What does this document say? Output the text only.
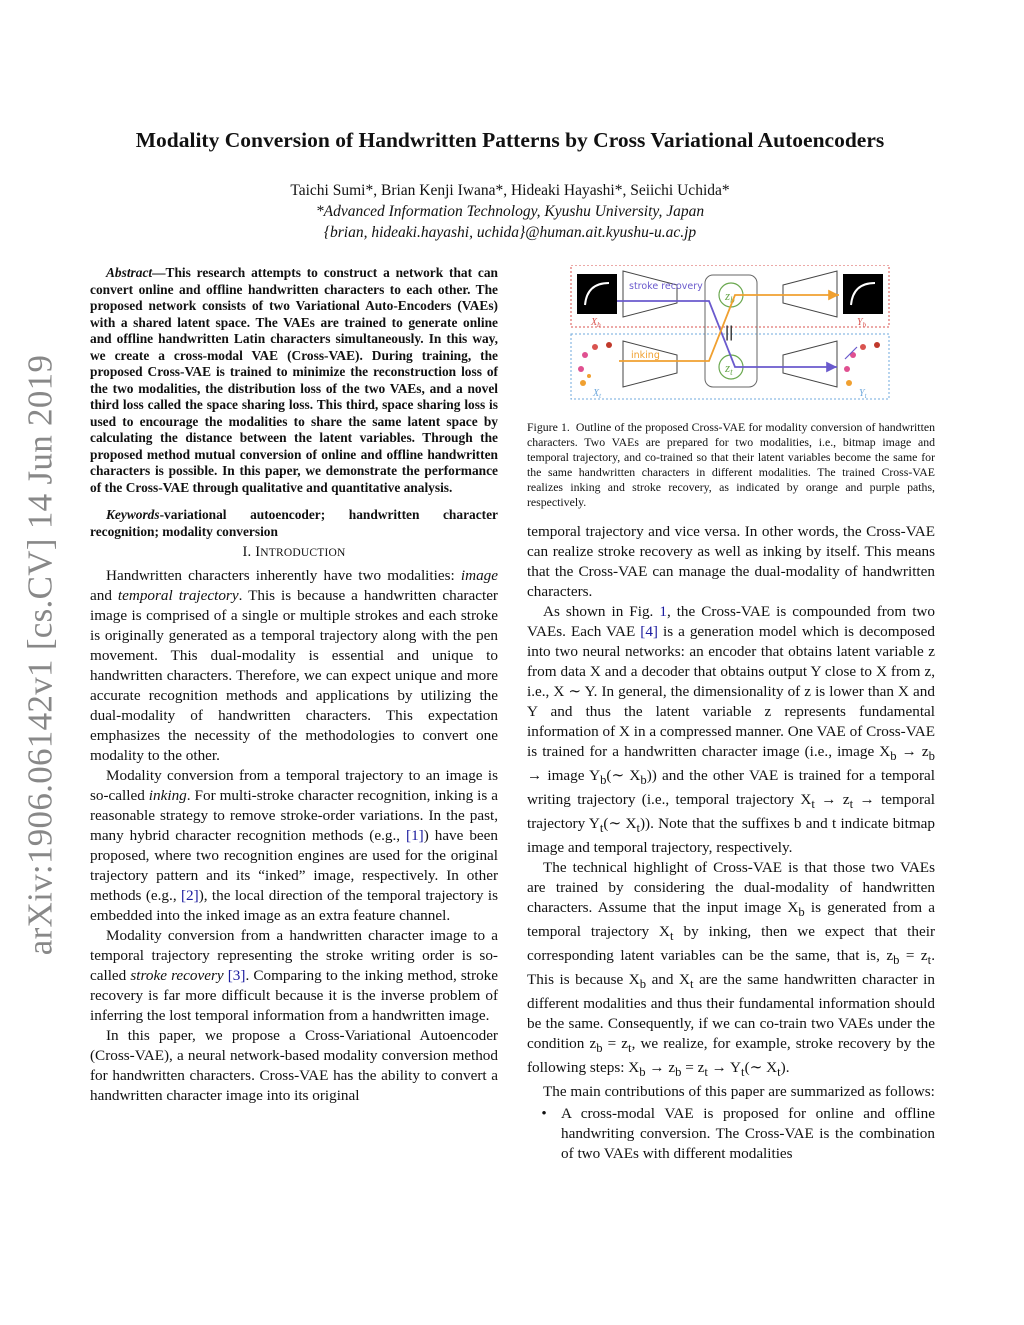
arXiv:1906.06142v1 [cs.CV] 14 Jun 2019
Modality Conversion of Handwritten Patterns by Cross Variational Autoencoders
Taichi Sumi*, Brian Kenji Iwana*, Hideaki Hayashi*, Seiichi Uchida*
*Advanced Information Technology, Kyushu University, Japan
{brian, hideaki.hayashi, uchida}@human.ait.kyushu-u.ac.jp

Abstract—This research attempts to construct a network that can convert online and offline handwritten characters to each other. The proposed network consists of two Variational Auto-Encoders (VAEs) with a shared latent space. The VAEs are trained to generate online and offline handwritten Latin characters simultaneously. In this way, we create a cross-modal VAE (Cross-VAE). During training, the proposed Cross-VAE is trained to minimize the reconstruction loss of the two modalities, the distribution loss of the two VAEs, and a novel third loss called the space sharing loss. This third, space sharing loss is used to encourage the modalities to share the same latent space by calculating the distance between the latent variables. Through the proposed method mutual conversion of online and offline handwritten characters is possible. In this paper, we demonstrate the performance of the Cross-VAE through qualitative and quantitative analysis.

Keywords-variational autoencoder; handwritten character recognition; modality conversion

I. INTRODUCTION

Handwritten characters inherently have two modalities: image and temporal trajectory. This is because a handwritten character image is comprised of a single or multiple strokes and each stroke is originally generated as a temporal trajectory along with the pen movement. This dual-modality is essential and unique to handwritten characters. Therefore, we can expect unique and more accurate recognition methods and applications by utilizing the dual-modality of handwritten characters. This expectation emphasizes the necessity of the methodologies to convert one modality to the other.

Modality conversion from a temporal trajectory to an image is so-called inking. For multi-stroke character recognition, inking is a reasonable strategy to remove stroke-order variations. In the past, many hybrid character recognition methods (e.g., [1]) have been proposed, where two recognition engines are used for the original trajectory pattern and its “inked” image, respectively. In other methods (e.g., [2]), the local direction of the temporal trajectory is embedded into the inked image as an extra feature channel.

Modality conversion from a handwritten character image to a temporal trajectory representing the stroke writing order is so-called stroke recovery [3]. Comparing to the inking method, stroke recovery is far more difficult because it is the inverse problem of inferring the lost temporal information from a handwritten image.

In this paper, we propose a Cross-Variational Autoencoder (Cross-VAE), a neural network-based modality conversion method for handwritten characters. Cross-VAE has the ability to convert a handwritten character image into its original

$z_b$
$z_t$
||
stroke recovery
inking
$X_b$	$Y_b$
$X_t$	$Y_t$

Figure 1. Outline of the proposed Cross-VAE for modality conversion of handwritten characters. Two VAEs are prepared for two modalities, i.e., bitmap image and temporal trajectory, and co-trained so that their latent variables become the same for the same handwritten characters in different modalities. The trained Cross-VAE realizes inking and stroke recovery, as indicated by orange and purple paths, respectively.

temporal trajectory and vice versa. In other words, the Cross-VAE can realize stroke recovery as well as inking by itself. This means that the Cross-VAE can manage the dual-modality of handwritten characters.

As shown in Fig. 1, the Cross-VAE is compounded from two VAEs. Each VAE [4] is a generation model which is decomposed into two neural networks: an encoder that obtains latent variable z from data X and a decoder that obtains output Y close to X from z, i.e., X ∼ Y. In general, the dimensionality of z is lower than X and Y and thus the latent variable z represents fundamental information of X in a compressed manner. One VAE of Cross-VAE is trained for a handwritten character image (i.e., image $X_b \to z_b$ → image $Y_b(\sim$ $X_b$)) and the other VAE is trained for a temporal writing trajectory (i.e., temporal trajectory $X_t \to z_t$ → temporal trajectory $Y_t(\sim$ $X_t$)). Note that the suffixes b and t indicate bitmap image and temporal trajectory, respectively.

The technical highlight of Cross-VAE is that those two VAEs are trained by considering the dual-modality of handwritten characters. Assume that the input image $X_b$ is generated from a temporal trajectory $X_t$ by inking, then we expect that their corresponding latent variables can be the same, that is, $z_b = z_t$. This is because $X_b$ and $X_t$ are the same handwritten character in different modalities and thus their fundamental information should be the same. Consequently, if we can co-train two VAEs under the condition $z_b = z_t$, we realize, for example, stroke recovery by the following steps: $X_b \to z_b = z_t$ → $Y_t(\sim$ $X_t$).

The main contributions of this paper are summarized as follows:

• A cross-modal VAE is proposed for online and offline handwriting conversion. The Cross-VAE is the combination of two VAEs with different modalities
